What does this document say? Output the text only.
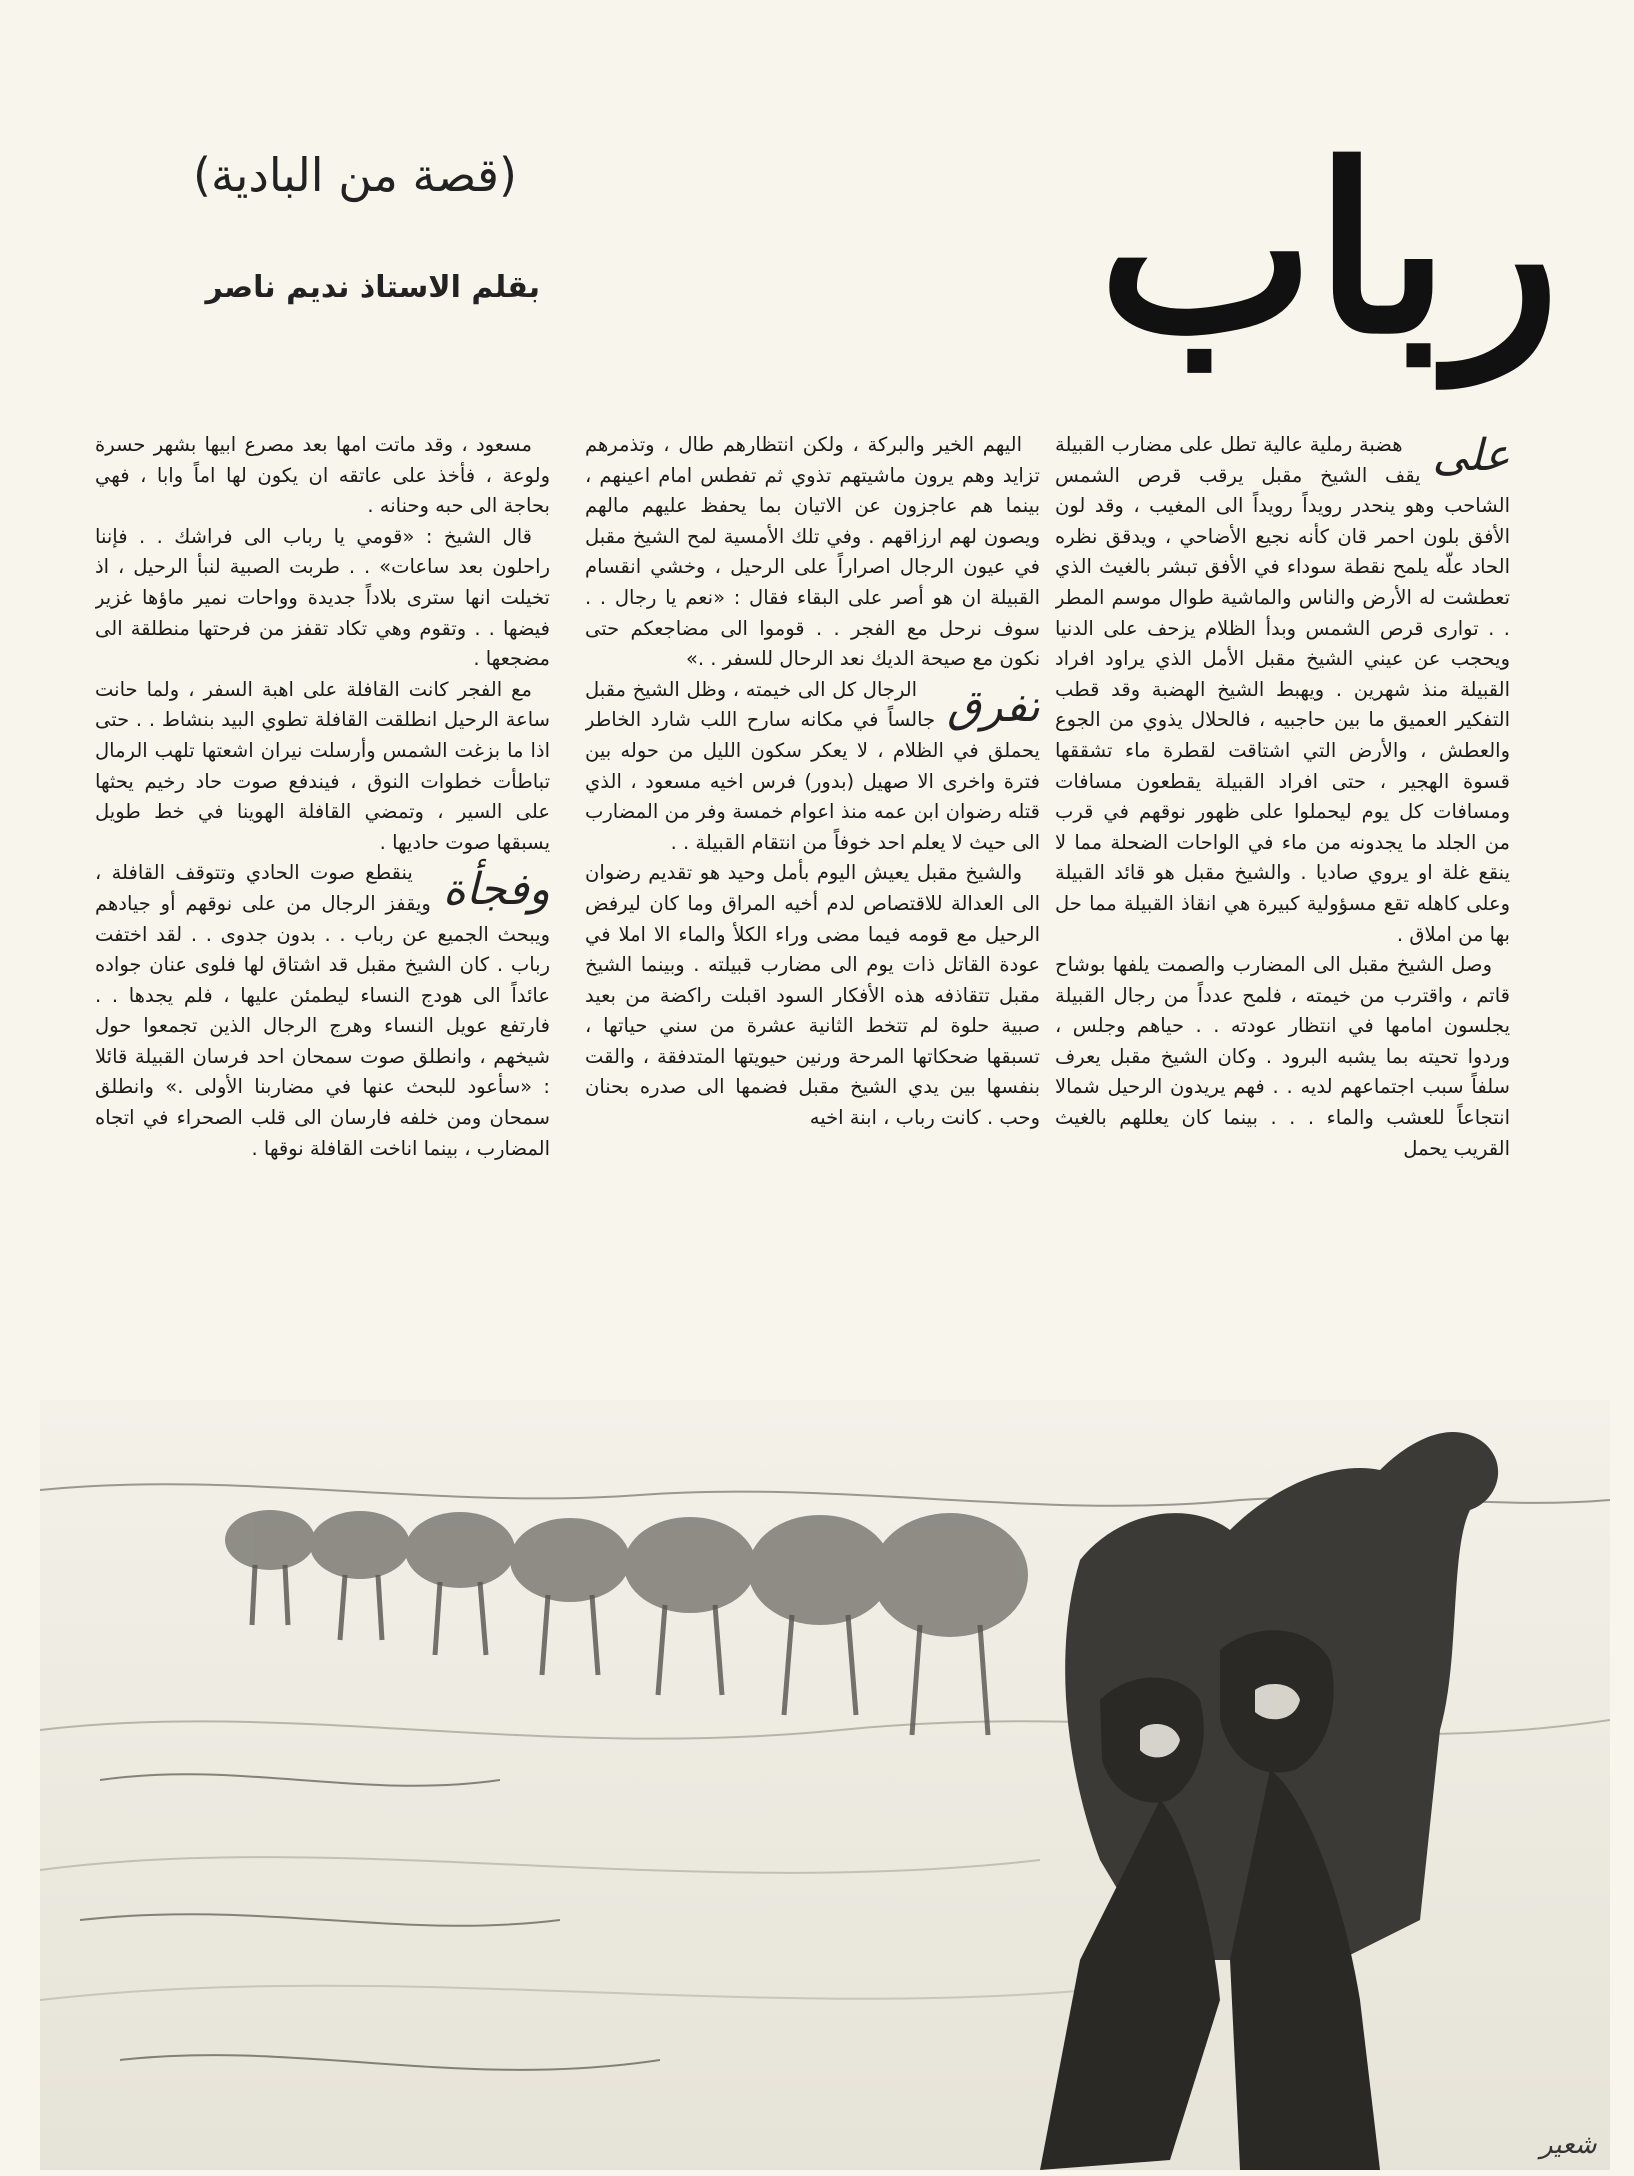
رباب
(قصة من البادية)
بقلم الاستاذ نديم ناصر
على

هضبة رملية عالية تطل على مضارب القبيلة يقف الشيخ مقبل يرقب قرص الشمس الشاحب وهو ينحدر رويداً رويداً الى المغيب ، وقد لون الأفق بلون احمر قان كأنه نجيع الأضاحي ، ويدقق نظره الحاد علّه يلمح نقطة سوداء في الأفق تبشر بالغيث الذي تعطشت له الأرض والناس والماشية طوال موسم المطر . . توارى قرص الشمس وبدأ الظلام يزحف على الدنيا ويحجب عن عيني الشيخ مقبل الأمل الذي يراود افراد القبيلة منذ شهرين . ويهبط الشيخ الهضبة وقد قطب التفكير العميق ما بين حاجبيه ، فالحلال يذوي من الجوع والعطش ، والأرض التي اشتاقت لقطرة ماء تشققها قسوة الهجير ، حتى افراد القبيلة يقطعون مسافات ومسافات كل يوم ليحملوا على ظهور نوقهم في قرب من الجلد ما يجدونه من ماء في الواحات الضحلة مما لا ينقع غلة او يروي صاديا . والشيخ مقبل هو قائد القبيلة وعلى كاهله تقع مسؤولية كبيرة هي انقاذ القبيلة مما حل بها من املاق .

وصل الشيخ مقبل الى المضارب والصمت يلفها بوشاح قاتم ، واقترب من خيمته ، فلمح عدداً من رجال القبيلة يجلسون امامها في انتظار عودته . . حياهم وجلس ، وردوا تحيته بما يشبه البرود . وكان الشيخ مقبل يعرف سلفاً سبب اجتماعهم لديه . . فهم يريدون الرحيل شمالا انتجاعاً للعشب والماء . . . بينما كان يعللهم بالغيث القريب يحمل

اليهم الخير والبركة ، ولكن انتظارهم طال ، وتذمرهم تزايد وهم يرون ماشيتهم تذوي ثم تفطس امام اعينهم ، بينما هم عاجزون عن الاتيان بما يحفظ عليهم مالهم ويصون لهم ارزاقهم . وفي تلك الأمسية لمح الشيخ مقبل في عيون الرجال اصراراً على الرحيل ، وخشي انقسام القبيلة ان هو أصر على البقاء فقال : «نعم يا رجال . . سوف نرحل مع الفجر . . قوموا الى مضاجعكم حتى نكون مع صيحة الديك نعد الرحال للسفر . .»

تفرق

الرجال كل الى خيمته ، وظل الشيخ مقبل جالساً في مكانه سارح اللب شارد الخاطر يحملق في الظلام ، لا يعكر سكون الليل من حوله بين فترة واخرى الا صهيل (بدور) فرس اخيه مسعود ، الذي قتله رضوان ابن عمه منذ اعوام خمسة وفر من المضارب الى حيث لا يعلم احد خوفاً من انتقام القبيلة . .

والشيخ مقبل يعيش اليوم بأمل وحيد هو تقديم رضوان الى العدالة للاقتصاص لدم أخيه المراق وما كان ليرفض الرحيل مع قومه فيما مضى وراء الكلأ والماء الا املا في عودة القاتل ذات يوم الى مضارب قبيلته . وبينما الشيخ مقبل تتقاذفه هذه الأفكار السود اقبلت راكضة من بعيد صبية حلوة لم تتخط الثانية عشرة من سني حياتها ، تسبقها ضحكاتها المرحة ورنين حيويتها المتدفقة ، والقت بنفسها بين يدي الشيخ مقبل فضمها الى صدره بحنان وحب . كانت رباب ، ابنة اخيه

مسعود ، وقد ماتت امها بعد مصرع ابيها بشهر حسرة ولوعة ، فأخذ على عاتقه ان يكون لها اماً وابا ، فهي بحاجة الى حبه وحنانه .

قال الشيخ : «قومي يا رباب الى فراشك . . فإننا راحلون بعد ساعات» . . طربت الصبية لنبأ الرحيل ، اذ تخيلت انها سترى بلاداً جديدة وواحات نمير ماؤها غزير فيضها . . وتقوم وهي تكاد تقفز من فرحتها منطلقة الى مضجعها .

مع الفجر كانت القافلة على اهبة السفر ، ولما حانت ساعة الرحيل انطلقت القافلة تطوي البيد بنشاط . . حتى اذا ما بزغت الشمس وأرسلت نيران اشعتها تلهب الرمال تباطأت خطوات النوق ، فيندفع صوت حاد رخيم يحثها على السير ، وتمضي القافلة الهوينا في خط طويل يسبقها صوت حاديها .

وفجأة

ينقطع صوت الحادي وتتوقف القافلة ، ويقفز الرجال من على نوقهم أو جيادهم ويبحث الجميع عن رباب . . بدون جدوى . . لقد اختفت رباب . كان الشيخ مقبل قد اشتاق لها فلوى عنان جواده عائداً الى هودج النساء ليطمئن عليها ، فلم يجدها . . فارتفع عويل النساء وهرج الرجال الذين تجمعوا حول شيخهم ، وانطلق صوت سمحان احد فرسان القبيلة قائلا : «سأعود للبحث عنها في مضاربنا الأولى .» وانطلق سمحان ومن خلفه فارسان الى قلب الصحراء في اتجاه المضارب ، بينما اناخت القافلة نوقها .

شعير
